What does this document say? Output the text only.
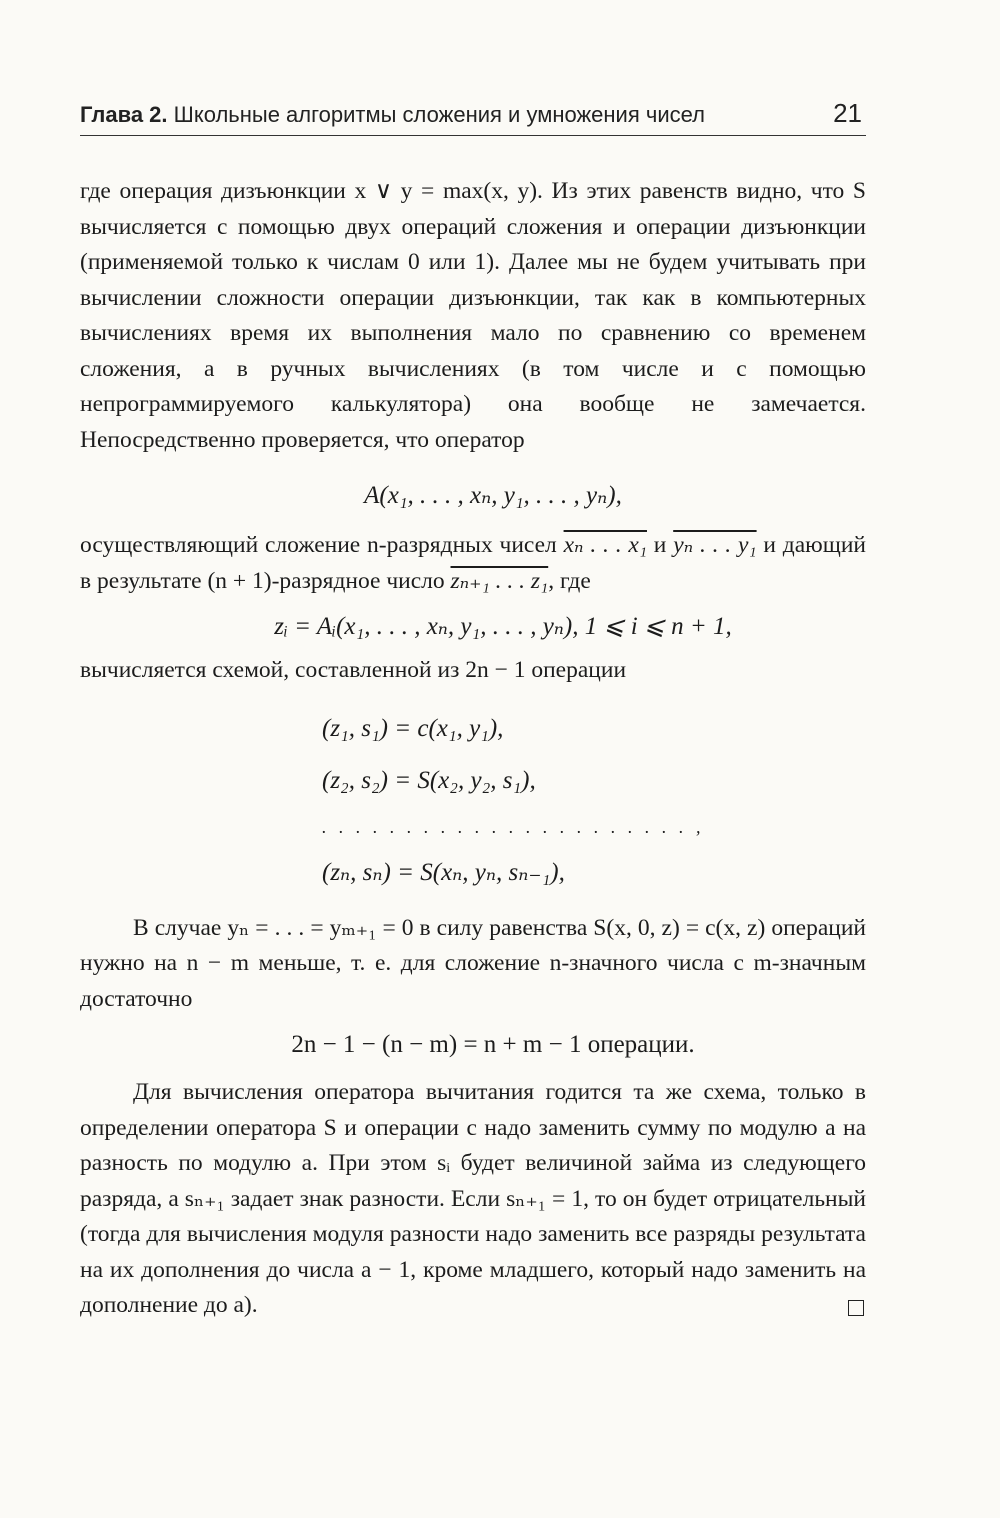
Глава 2. Школьные алгоритмы сложения и умножения чисел	21

где операция дизъюнкции x ∨ y = max(x, y). Из этих равенств видно, что S вычисляется с помощью двух операций сложения и операции дизъюнкции (применяемой только к числам 0 или 1). Далее мы не будем учитывать при вычислении сложности операции дизъюнкции, так как в компьютерных вычислениях время их выполнения мало по сравнению со временем сложения, а в ручных вычислениях (в том числе и с помощью непрограммируемого калькулятора) она вообще не замечается. Непосредственно проверяется, что оператор

A(x₁, . . . , xₙ, y₁, . . . , yₙ),

осуществляющий сложение n-разрядных чисел xₙ . . . x₁ и yₙ . . . y₁ и дающий в результате (n + 1)-разрядное число zₙ₊₁ . . . z₁, где

zᵢ = Aᵢ(x₁, . . . , xₙ, y₁, . . . , yₙ), 1 ⩽ i ⩽ n + 1,

вычисляется схемой, составленной из 2n − 1 операции

(z₁, s₁) = c(x₁, y₁),
(z₂, s₂) = S(x₂, y₂, s₁),
. . . . . . . . . . . . . . . . . . . . . . ,
(zₙ, sₙ) = S(xₙ, yₙ, sₙ₋₁),

В случае yₙ = . . . = yₘ₊₁ = 0 в силу равенства S(x, 0, z) = c(x, z) операций нужно на n − m меньше, т. е. для сложение n-значного числа с m-значным достаточно

2n − 1 − (n − m) = n + m − 1 операции.

Для вычисления оператора вычитания годится та же схема, только в определении оператора S и операции c надо заменить сумму по модулю a на разность по модулю a. При этом sᵢ будет величиной займа из следующего разряда, а sₙ₊₁ задает знак разности. Если sₙ₊₁ = 1, то он будет отрицательный (тогда для вычисления модуля разности надо заменить все разряды результата на их дополнения до числа a − 1, кроме младшего, который надо заменить на дополнение до a).
